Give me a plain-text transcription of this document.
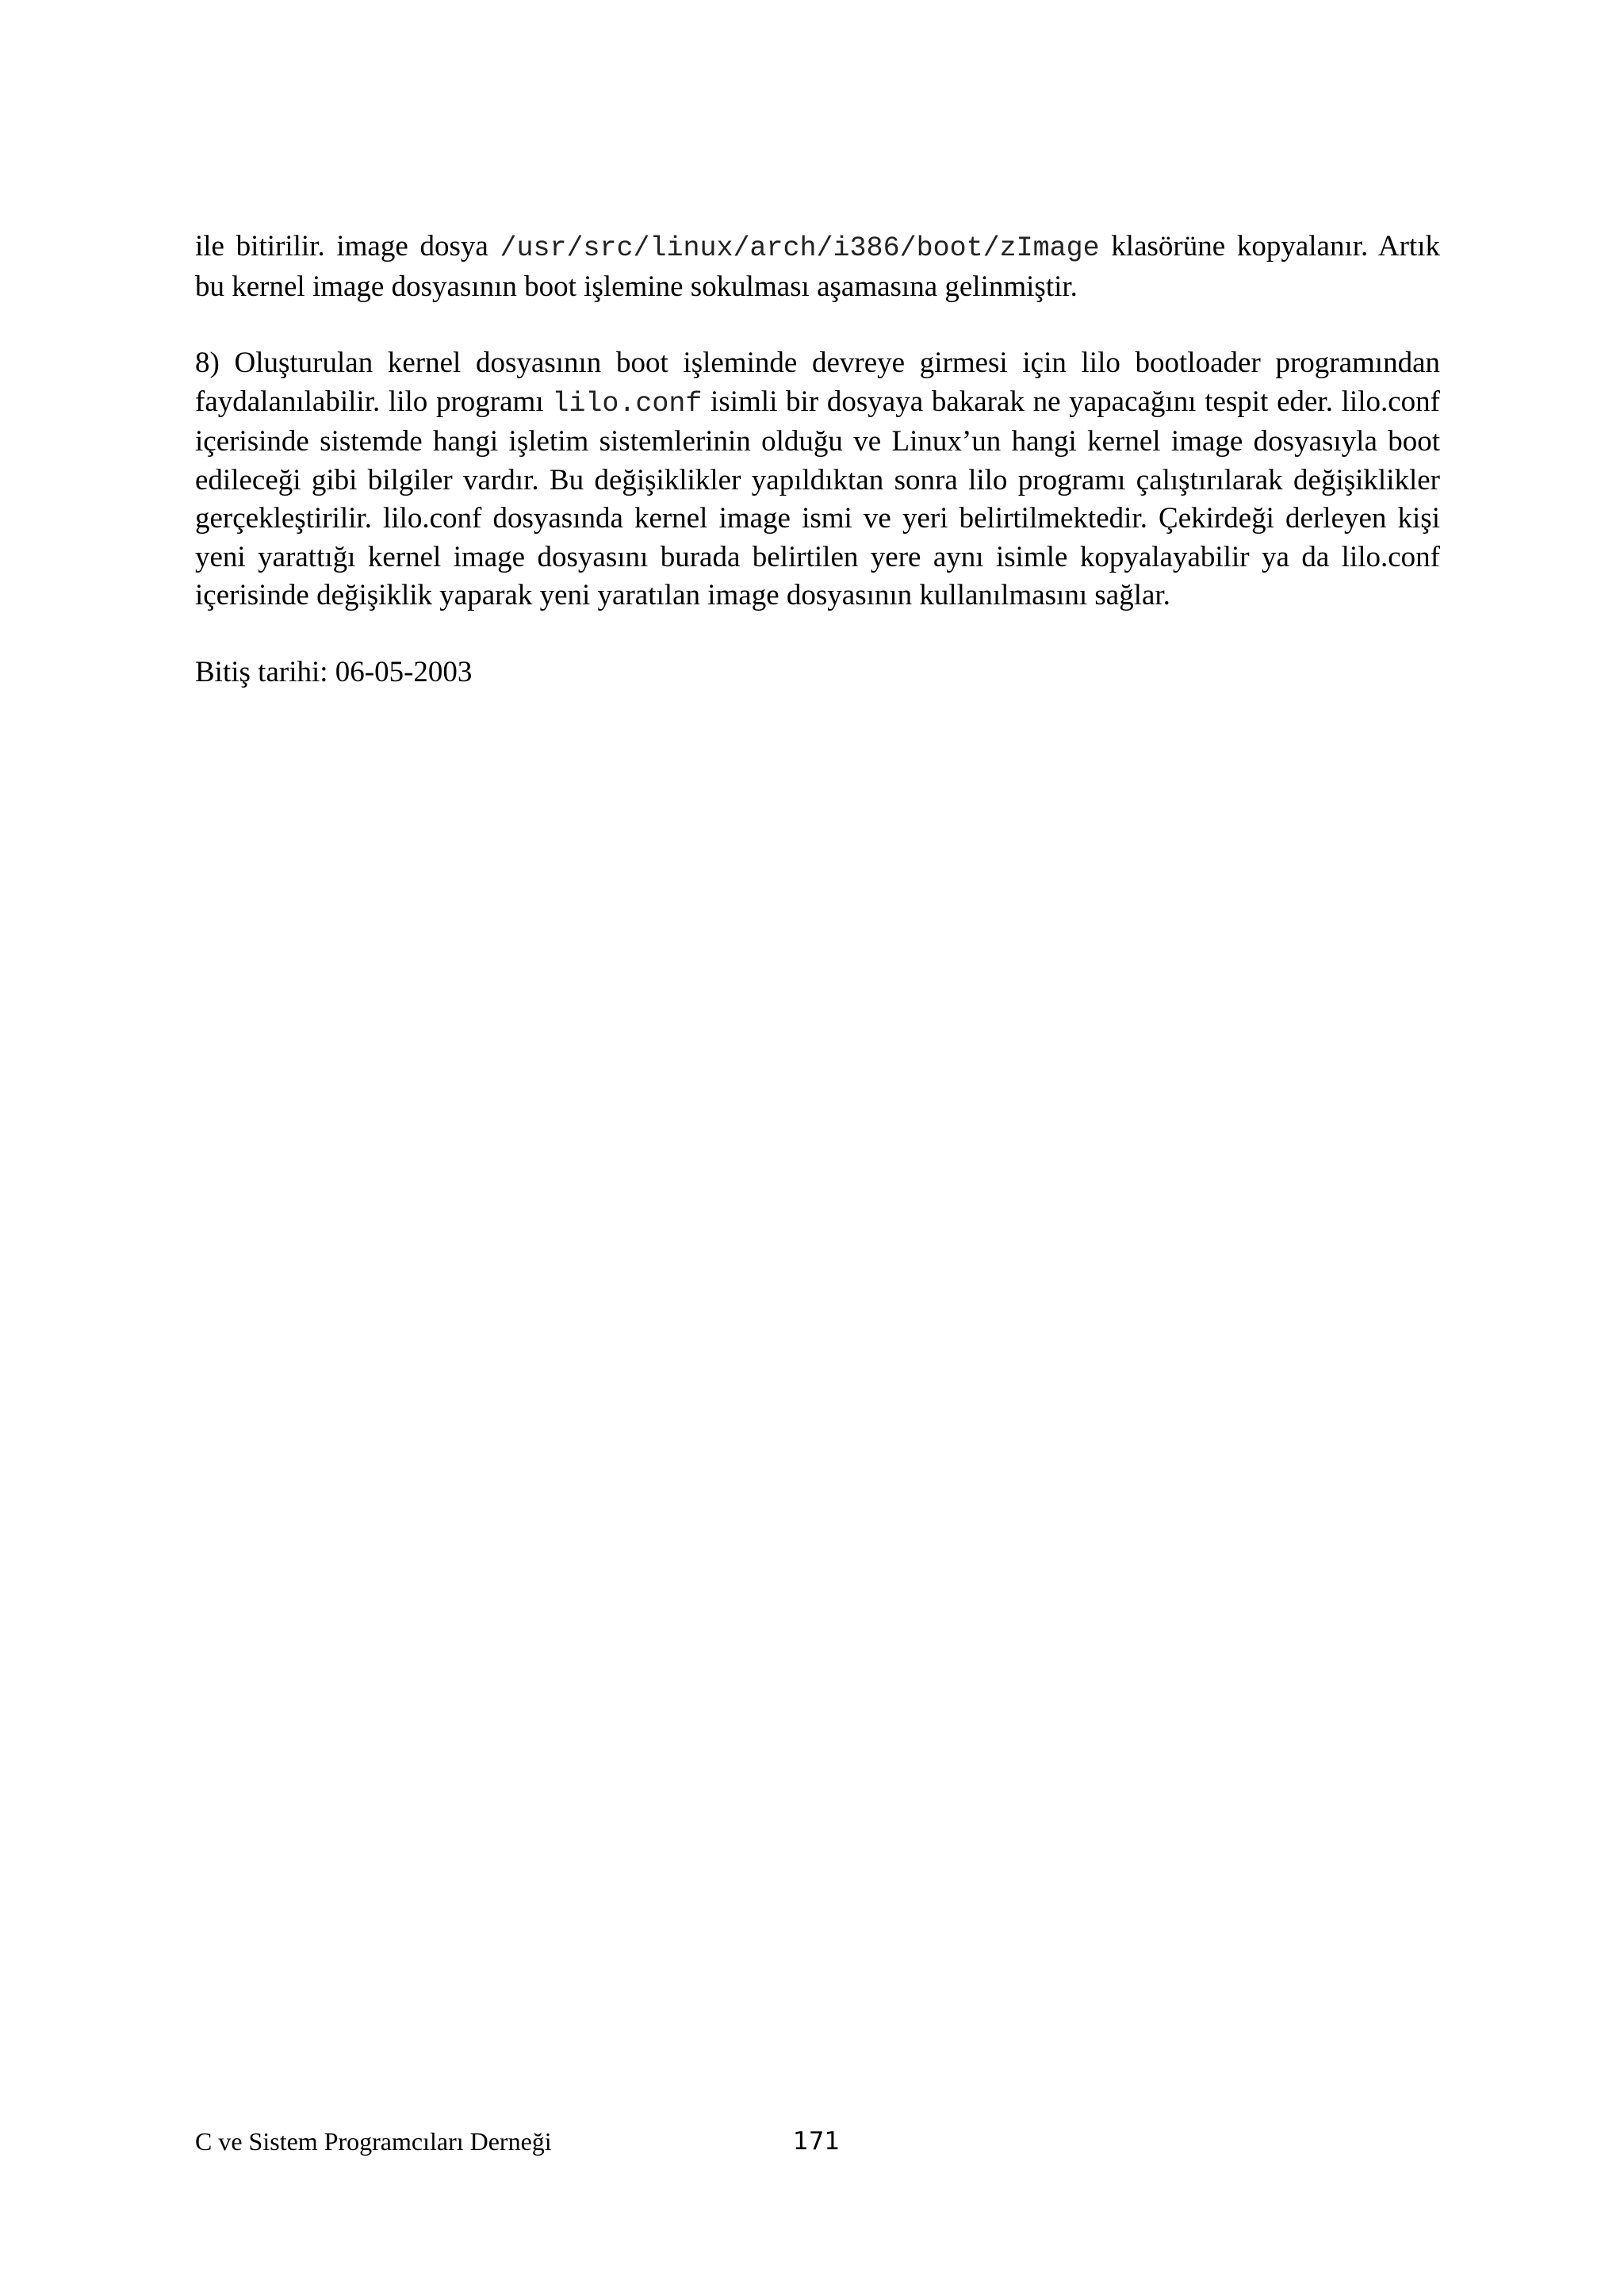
ile bitirilir. image dosya /usr/src/linux/arch/i386/boot/zImage klasörüne kopyalanır. Artık bu kernel image dosyasının boot işlemine sokulması aşamasına gelinmiştir.

8) Oluşturulan kernel dosyasının boot işleminde devreye girmesi için lilo bootloader programından faydalanılabilir. lilo programı lilo.conf isimli bir dosyaya bakarak ne yapacağını tespit eder. lilo.conf içerisinde sistemde hangi işletim sistemlerinin olduğu ve Linux’un hangi kernel image dosyasıyla boot edileceği gibi bilgiler vardır. Bu değişiklikler yapıldıktan sonra lilo programı çalıştırılarak değişiklikler gerçekleştirilir. lilo.conf dosyasında kernel image ismi ve yeri belirtilmektedir. Çekirdeği derleyen kişi yeni yarattığı kernel image dosyasını burada belirtilen yere aynı isimle kopyalayabilir ya da lilo.conf içerisinde değişiklik yaparak yeni yaratılan image dosyasının kullanılmasını sağlar.

Bitiş tarihi: 06-05-2003

C ve Sistem Programcıları Derneği	171
